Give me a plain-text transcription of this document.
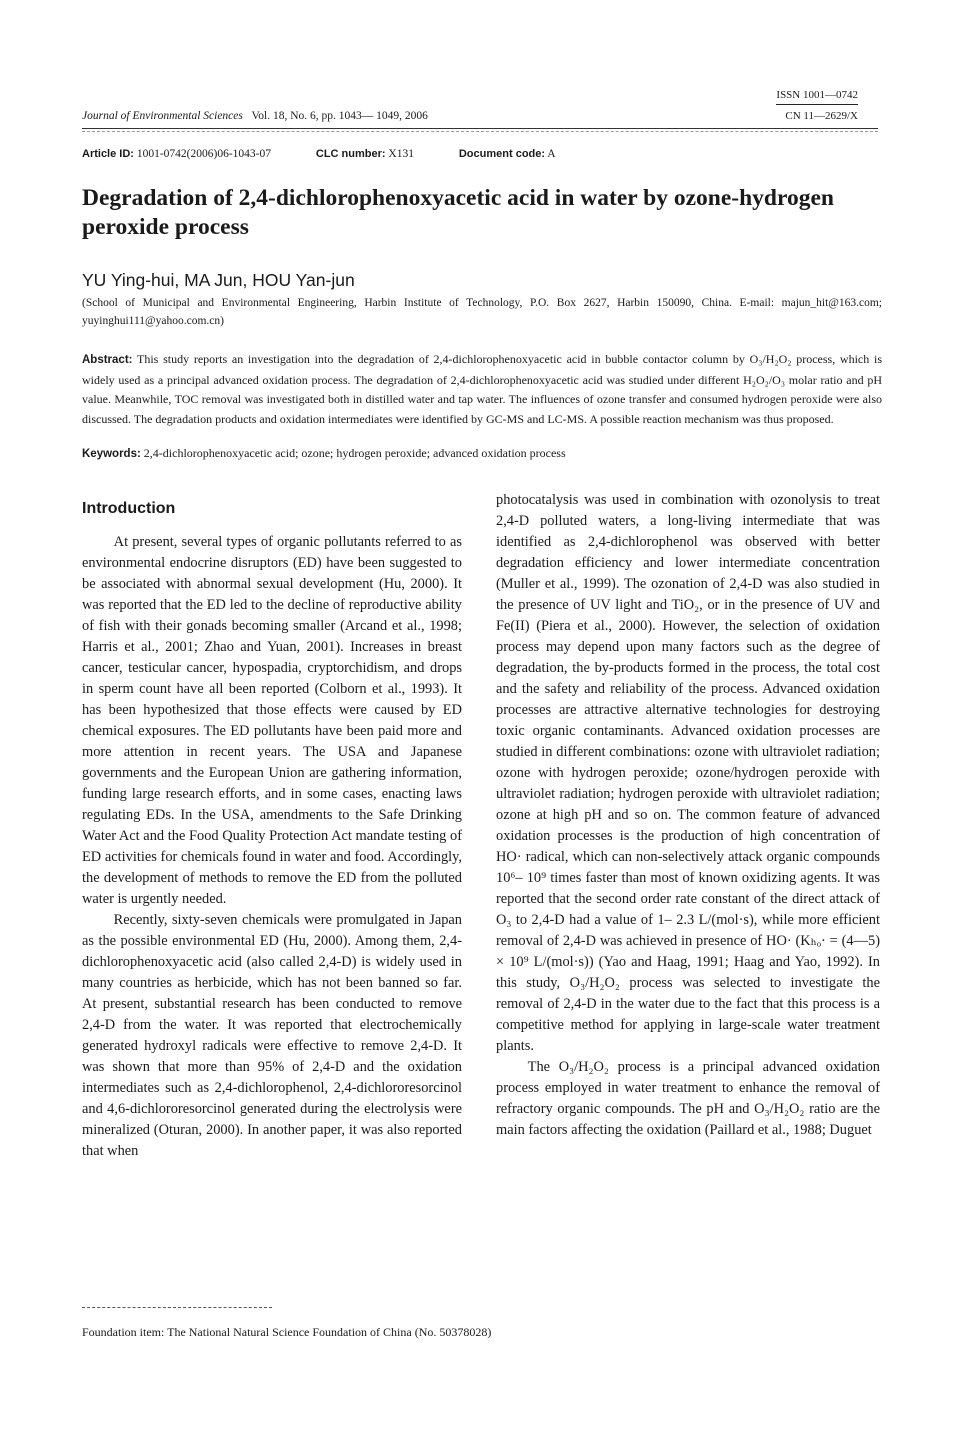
ISSN 1001—0742
CN 11—2629/X
Journal of Environmental Sciences Vol. 18, No. 6, pp. 1043— 1049, 2006
Article ID: 1001-0742(2006)06-1043-07	CLC number: X131	Document code: A
Degradation of 2,4-dichlorophenoxyacetic acid in water by ozone-hydrogen peroxide process
YU Ying-hui, MA Jun, HOU Yan-jun
(School of Municipal and Environmental Engineering, Harbin Institute of Technology, P.O. Box 2627, Harbin 150090, China. E-mail: majun_hit@163.com; yuyinghui111@yahoo.com.cn)
Abstract: This study reports an investigation into the degradation of 2,4-dichlorophenoxyacetic acid in bubble contactor column by O₃/H₂O₂ process, which is widely used as a principal advanced oxidation process. The degradation of 2,4-dichlorophenoxyacetic acid was studied under different H₂O₂/O₃ molar ratio and pH value. Meanwhile, TOC removal was investigated both in distilled water and tap water. The influences of ozone transfer and consumed hydrogen peroxide were also discussed. The degradation products and oxidation intermediates were identified by GC-MS and LC-MS. A possible reaction mechanism was thus proposed.
Keywords: 2,4-dichlorophenoxyacetic acid; ozone; hydrogen peroxide; advanced oxidation process
Introduction

At present, several types of organic pollutants referred to as environmental endocrine disruptors (ED) have been suggested to be associated with abnormal sexual development (Hu, 2000). It was reported that the ED led to the decline of reproductive ability of fish with their gonads becoming smaller (Arcand et al., 1998; Harris et al., 2001; Zhao and Yuan, 2001). Increases in breast cancer, testicular cancer, hypospadia, cryptorchidism, and drops in sperm count have all been reported (Colborn et al., 1993). It has been hypothesized that those effects were caused by ED chemical exposures. The ED pollutants have been paid more and more attention in recent years. The USA and Japanese governments and the European Union are gathering information, funding large research efforts, and in some cases, enacting laws regulating EDs. In the USA, amendments to the Safe Drinking Water Act and the Food Quality Protection Act mandate testing of ED activities for chemicals found in water and food. Accordingly, the development of methods to remove the ED from the polluted water is urgently needed.

Recently, sixty-seven chemicals were promulgated in Japan as the possible environmental ED (Hu, 2000). Among them, 2,4-dichlorophenoxyacetic acid (also called 2,4-D) is widely used in many countries as herbicide, which has not been banned so far. At present, substantial research has been conducted to remove 2,4-D from the water. It was reported that electrochemically generated hydroxyl radicals were effective to remove 2,4-D. It was shown that more than 95% of 2,4-D and the oxidation intermediates such as 2,4-dichlorophenol, 2,4-dichlororesorcinol and 4,6-dichlororesorcinol generated during the electrolysis were mineralized (Oturan, 2000). In another paper, it was also reported that when

photocatalysis was used in combination with ozonolysis to treat 2,4-D polluted waters, a long-living intermediate that was identified as 2,4-dichlorophenol was observed with better degradation efficiency and lower intermediate concentration (Muller et al., 1999). The ozonation of 2,4-D was also studied in the presence of UV light and TiO₂, or in the presence of UV and Fe(II) (Piera et al., 2000). However, the selection of oxidation process may depend upon many factors such as the degree of degradation, the by-products formed in the process, the total cost and the safety and reliability of the process. Advanced oxidation processes are attractive alternative technologies for destroying toxic organic contaminants. Advanced oxidation processes are studied in different combinations: ozone with ultraviolet radiation; ozone with hydrogen peroxide; ozone/hydrogen peroxide with ultraviolet radiation; hydrogen peroxide with ultraviolet radiation; ozone at high pH and so on. The common feature of advanced oxidation processes is the production of high concentration of HO· radical, which can non-selectively attack organic compounds 10⁶– 10⁹ times faster than most of known oxidizing agents. It was reported that the second order rate constant of the direct attack of O₃ to 2,4-D had a value of 1– 2.3 L/(mol·s), while more efficient removal of 2,4-D was achieved in presence of HO· (Kₕₒ· = (4—5) × 10⁹ L/(mol·s)) (Yao and Haag, 1991; Haag and Yao, 1992). In this study, O₃/H₂O₂ process was selected to investigate the removal of 2,4-D in the water due to the fact that this process is a competitive method for applying in large-scale water treatment plants.

The O₃/H₂O₂ process is a principal advanced oxidation process employed in water treatment to enhance the removal of refractory organic compounds. The pH and O₃/H₂O₂ ratio are the main factors affecting the oxidation (Paillard et al., 1988; Duguet

Foundation item: The National Natural Science Foundation of China (No. 50378028)
